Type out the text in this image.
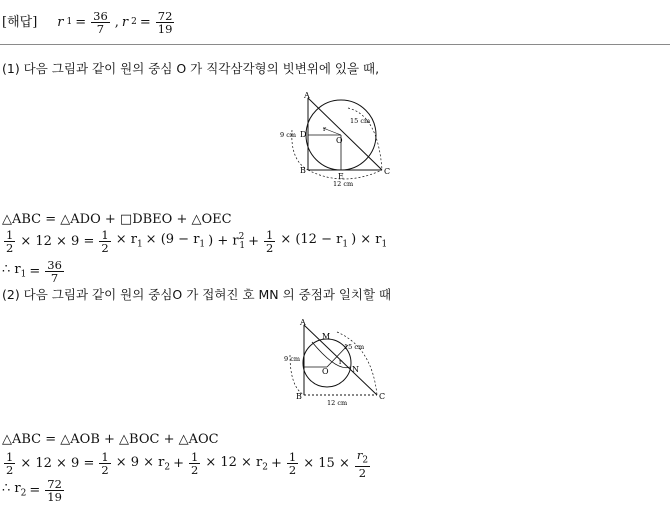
[해답] r $1 = \frac{36}{7}$ , r $2 = \frac{72}{19}$
(1) 다음 그림과 같이 원의 중심 O 가 직각삼각형의 빗변위에 있을 때,
A
B	C
D
E
O
r
9 cm
12 cm
15 cm
△ABC = △ADO + □DBEO + △OEC
$\frac{1}{2} \times 12 \times 9 = \frac{1}{2} \times r_1 \times (9 - r_1$ ) + $r^2_1 + \frac{1}{2} \times (12 - r_1$ ) × $r_1$
∴ $r_1 = \frac{36}{7}$
(2) 다음 그림과 같이 원의 중심O 가 접혀진 호 MN 의 중점과 일치할 때
A
B	C
M
N
O
r
9 cm
12 cm
15 cm
△ABC = △AOB + △BOC + △AOC
$\frac{1}{2} \times 12 \times 9 = \frac{1}{2} \times 9 \times r_2 + \frac{1}{2} \times 12 \times r_2 + \frac{1}{2} \times 15 \times \frac{r_2}{2}$
∴ $r_2 = \frac{72}{19}$
